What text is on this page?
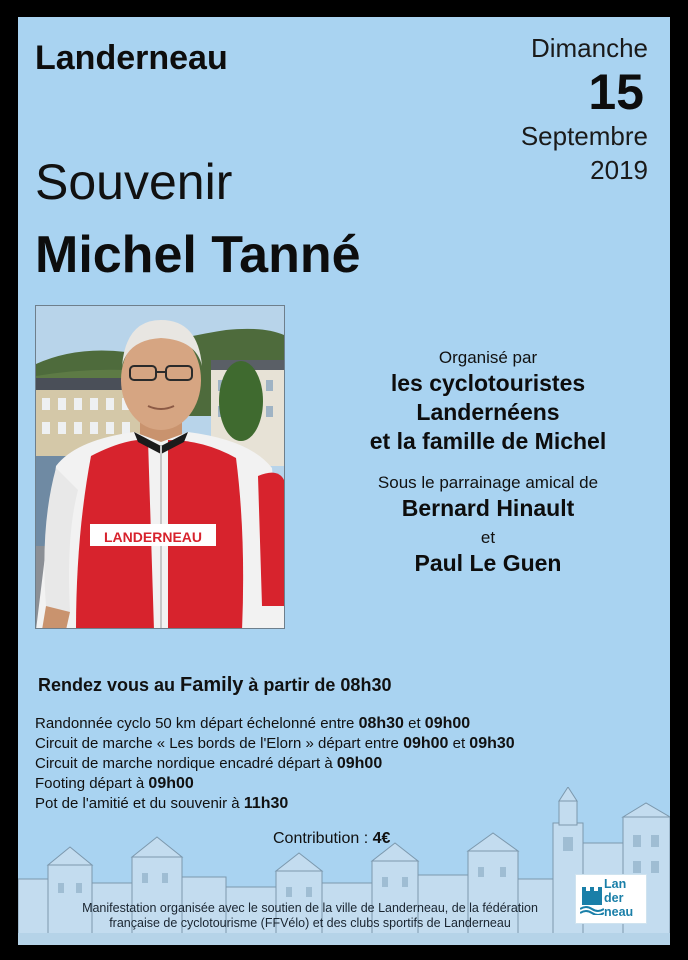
Landerneau	Dimanche
15
Septembre
2019
Souvenir
Michel Tanné
LANDERNEAU
Organisé par
les cyclotouristes
Landernéens
et la famille de Michel
Sous le parrainage amical de
Bernard Hinault
et
Paul Le Guen
Rendez vous au Family à partir de 08h30
Randonnée cyclo 50 km départ échelonné entre 08h30 et 09h00
Circuit de marche « Les bords de l'Elorn » départ entre 09h00 et 09h30
Circuit de marche nordique encadré départ à 09h00
Footing départ à 09h00
Pot de l'amitié et du souvenir à 11h30
Contribution : 4€
Manifestation organisée avec le soutien de la ville de Landerneau, de la fédération
française de cyclotourisme (FFVélo) et des clubs sportifs de Landerneau
Lan
der
neau
